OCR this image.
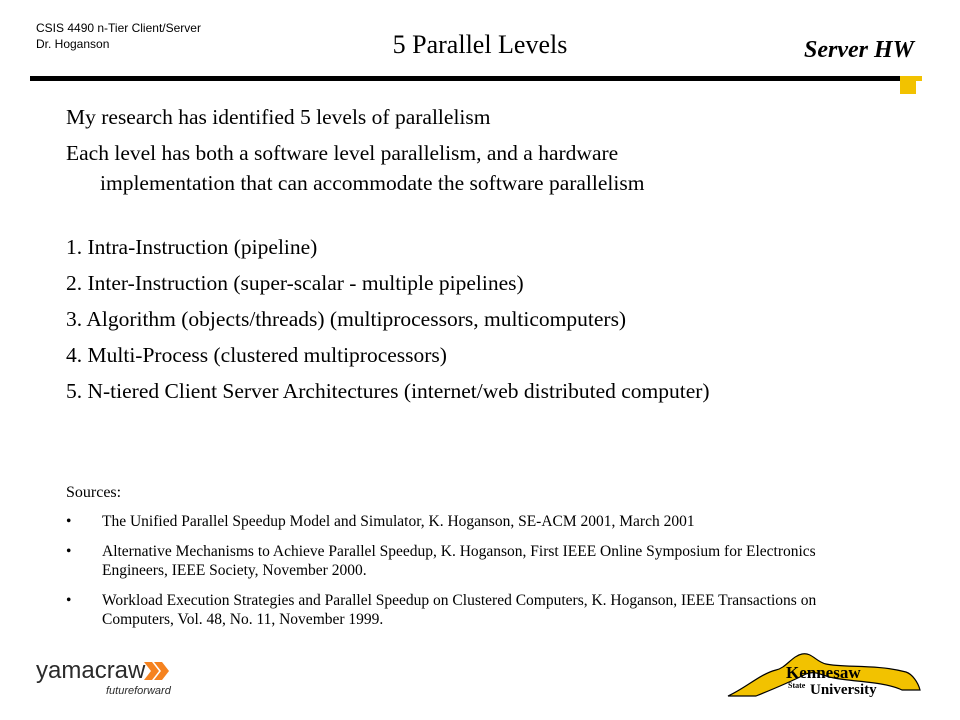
CSIS 4490 n-Tier Client/Server
Dr. Hoganson	5 Parallel Levels	Server HW
My research has identified 5 levels of parallelism
Each level has both a software level parallelism, and a hardware
implementation that can accommodate the software parallelism
1. Intra-Instruction (pipeline)
2. Inter-Instruction (super-scalar - multiple pipelines)
3. Algorithm (objects/threads) (multiprocessors, multicomputers)
4. Multi-Process (clustered multiprocessors)
5. N-tiered Client Server Architectures (internet/web distributed computer)
Sources:
• The Unified Parallel Speedup Model and Simulator, K. Hoganson, SE-ACM 2001, March 2001
• Alternative Mechanisms to Achieve Parallel Speedup, K. Hoganson, First IEEE Online Symposium for Electronics Engineers, IEEE Society, November 2000.
• Workload Execution Strategies and Parallel Speedup on Clustered Computers, K. Hoganson, IEEE Transactions on Computers, Vol. 48, No. 11, November 1999.
yamacraw
futureforward
Kennesaw
State University
